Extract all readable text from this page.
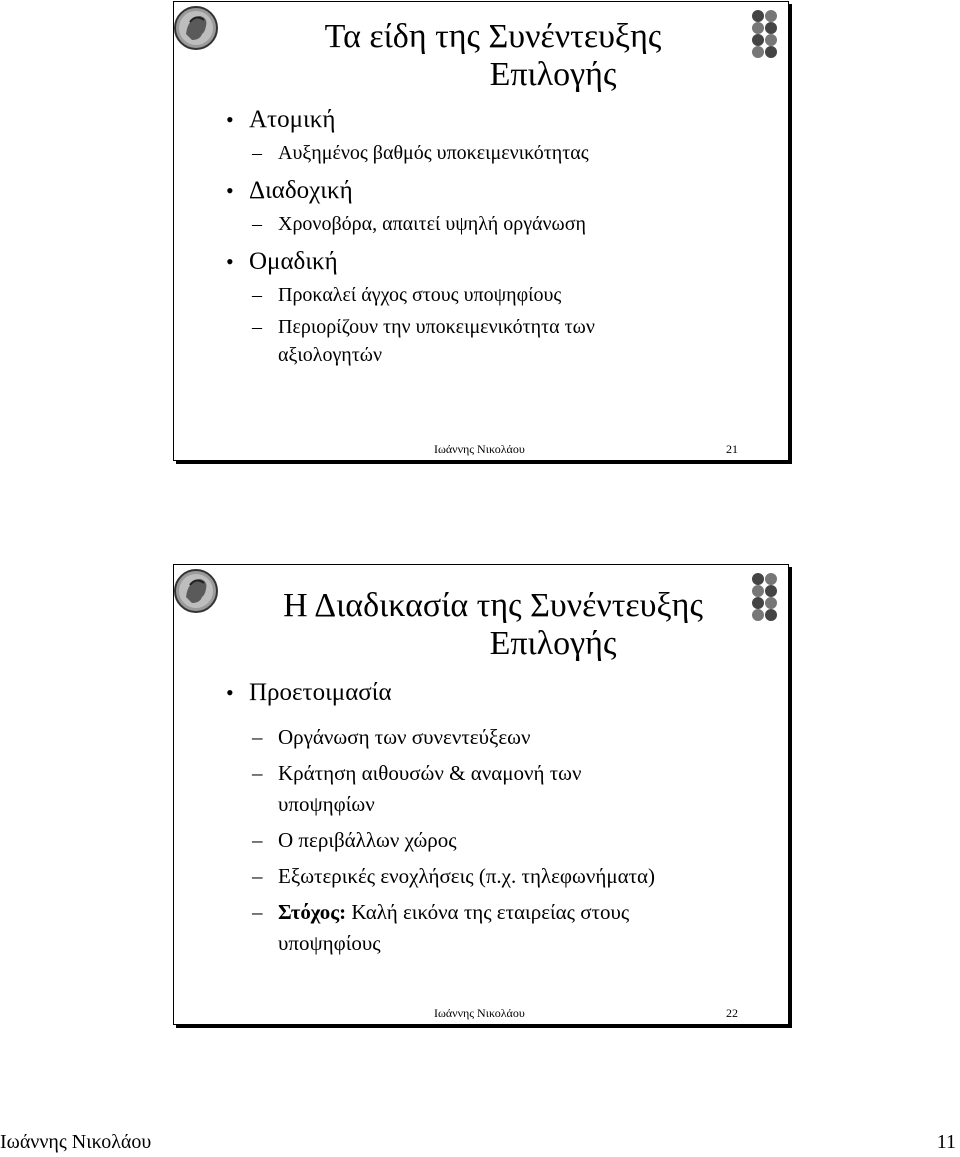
Τα είδη της Συνέντευξης
Επιλογής
• Ατομική
– Αυξημένος βαθμός υποκειμενικότητας
• Διαδοχική
– Χρονοβόρα, απαιτεί υψηλή οργάνωση
• Ομαδική
– Προκαλεί άγχος στους υποψηφίους
– Περιορίζουν την υποκειμενικότητα των αξιολογητών
Ιωάννης Νικολάου	21
Η Διαδικασία της Συνέντευξης
Επιλογής
• Προετοιμασία
– Οργάνωση των συνεντεύξεων
– Κράτηση αιθουσών & αναμονή των υποψηφίων
– Ο περιβάλλων χώρος
– Εξωτερικές ενοχλήσεις (π.χ. τηλεφωνήματα)
– Στόχος: Καλή εικόνα της εταιρείας στους υποψηφίους
Ιωάννης Νικολάου	22
Ιωάννης Νικολάου	11
